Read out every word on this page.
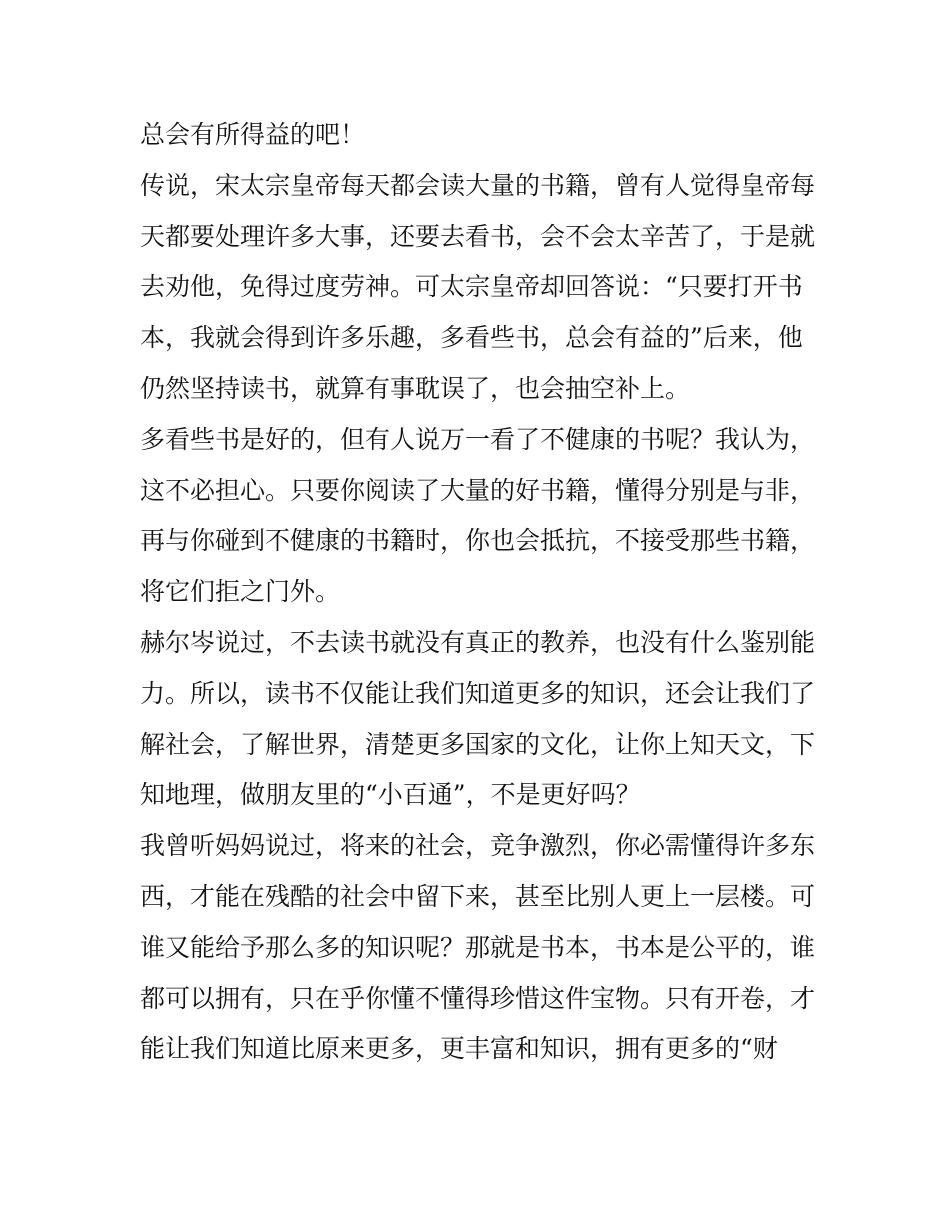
总会有所得益的吧！
传说，宋太宗皇帝每天都会读大量的书籍，曾有人觉得皇帝每
天都要处理许多大事，还要去看书，会不会太辛苦了，于是就
去劝他，免得过度劳神。可太宗皇帝却回答说：“只要打开书
本，我就会得到许多乐趣，多看些书，总会有益的”后来，他
仍然坚持读书，就算有事耽误了，也会抽空补上。
多看些书是好的，但有人说万一看了不健康的书呢？我认为，
这不必担心。只要你阅读了大量的好书籍，懂得分别是与非，
再与你碰到不健康的书籍时，你也会抵抗，不接受那些书籍，
将它们拒之门外。
赫尔岑说过，不去读书就没有真正的教养，也没有什么鉴别能
力。所以，读书不仅能让我们知道更多的知识，还会让我们了
解社会，了解世界，清楚更多国家的文化，让你上知天文，下
知地理，做朋友里的“小百通”，不是更好吗？
我曾听妈妈说过，将来的社会，竞争激烈，你必需懂得许多东
西，才能在残酷的社会中留下来，甚至比别人更上一层楼。可
谁又能给予那么多的知识呢？那就是书本，书本是公平的，谁
都可以拥有，只在乎你懂不懂得珍惜这件宝物。只有开卷，才
能让我们知道比原来更多，更丰富和知识，拥有更多的“财
